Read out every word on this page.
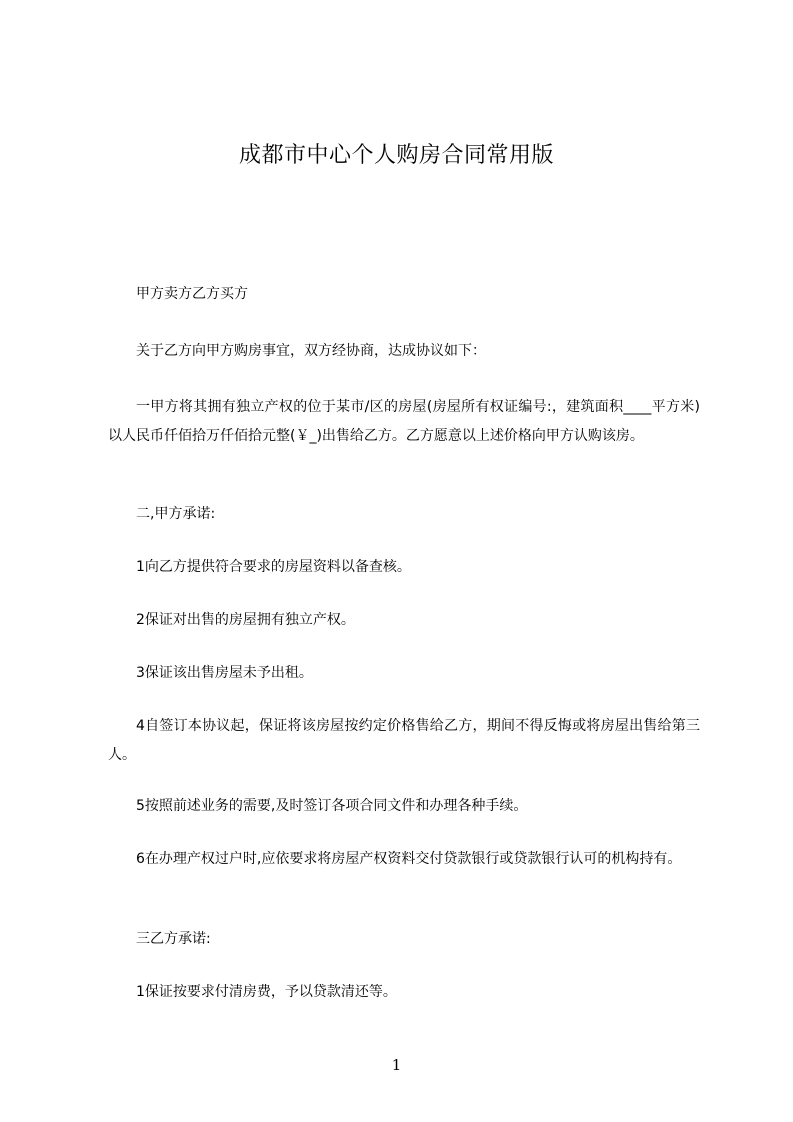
成都市中心个人购房合同常用版

甲方卖方乙方买方

关于乙方向甲方购房事宜，双方经协商，达成协议如下：

一甲方将其拥有独立产权的位于某市/区的房屋(房屋所有权证编号:，建筑面积____平方米)以人民币仟佰拾万仟佰拾元整(￥_)出售给乙方。乙方愿意以上述价格向甲方认购该房。

二,甲方承诺:

1向乙方提供符合要求的房屋资料以备查核。

2保证对出售的房屋拥有独立产权。

3保证该出售房屋未予出租。

4自签订本协议起，保证将该房屋按约定价格售给乙方，期间不得反悔或将房屋出售给第三人。

5按照前述业务的需要,及时签订各项合同文件和办理各种手续。

6在办理产权过户时,应依要求将房屋产权资料交付贷款银行或贷款银行认可的机构持有。

三乙方承诺:

1保证按要求付清房费，予以贷款清还等。

1
